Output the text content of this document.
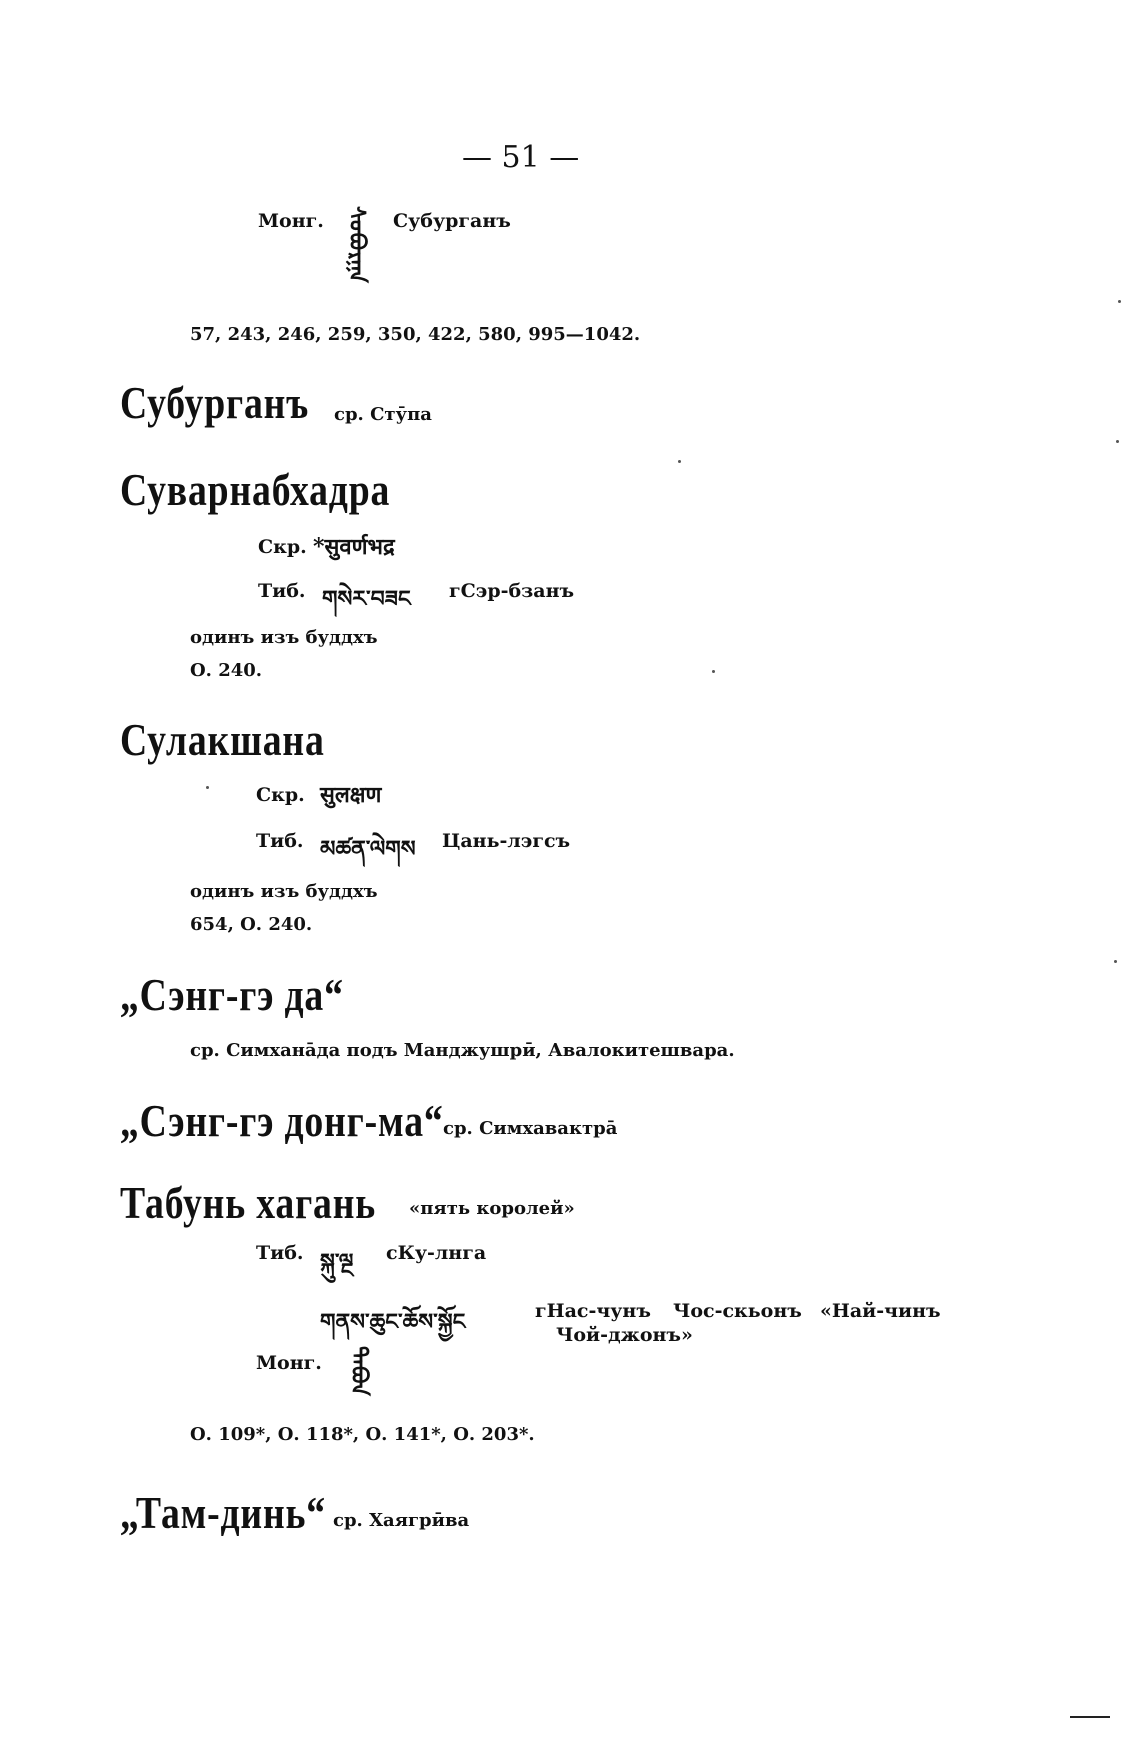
— 51 —
Монг. ᠰᠤᠪᠤᠷᠭᠠ	Субурганъ
57, 243, 246, 259, 350, 422, 580, 995—1042.
Субурганъ ср. Стӯпа
Суварнабхадра
Скр. *सुवर्णभद्र
Тиб. གསེར་བཟང гСэр-бзанъ
одинъ изъ буддхъ
О. 240.
Сулакшана
Скр. सुलक्षण
Тиб. མཚན་ལེགས Цань-лэгсъ
одинъ изъ буддхъ
654, О. 240.
„Сэнг-гэ да“
ср. Симханāда подъ Манджушрӣ, Авалокитешвара.
„Сэнг-гэ донг-ма“ ср. Симхавактрā
Табунь хагань «пять королей»
Тиб. སྐུ་ལྔ сКу-лнга
གནས་ཆུང་ཆོས་སྐྱོང	гНас-чунъ Чос-скьонъ «Най-чинъ
Чой-джонъ»
Монг. ᠲᠠᠪᠤᠨ
О. 109*, О. 118*, О. 141*, О. 203*.
„Там-динь“ ср. Хаягрӣва
